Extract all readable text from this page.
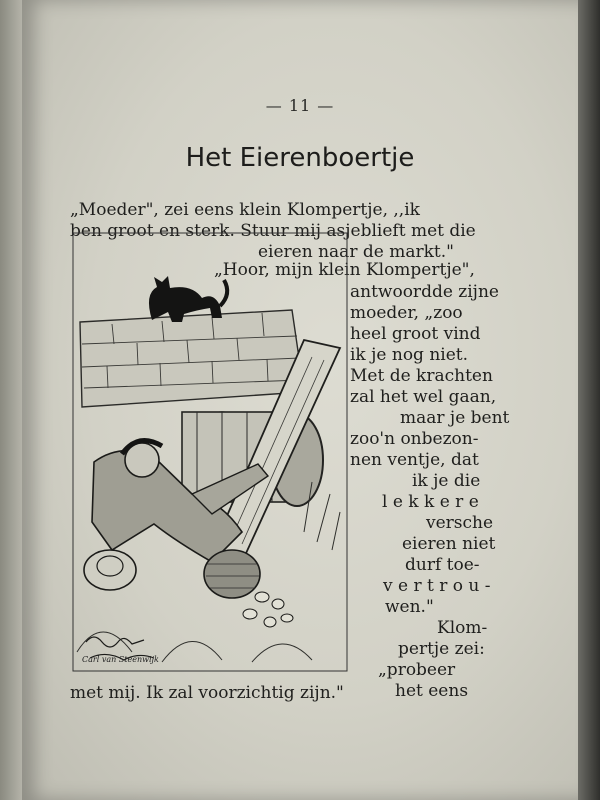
— 11 —
Het Eierenboertje
„Moeder", zei eens klein Klompertje, ,,ik
ben groot en sterk. Stuur mij asjeblieft met die
eieren naar de markt."
„Hoor, mijn klein Klompertje",
Carl van Steenwijk
antwoordde zijne
moeder, „zoo
heel groot vind
ik je nog niet.
Met de krachten
zal het wel gaan,
maar je bent
zoo'n onbezon-
nen ventje, dat
ik je die
l e k k e r e
versche
eieren niet
durf toe-
v e r t r o u -
wen."
Klom-
pertje zei:
„probeer
het eens
met mij. Ik zal voorzichtig zijn."
